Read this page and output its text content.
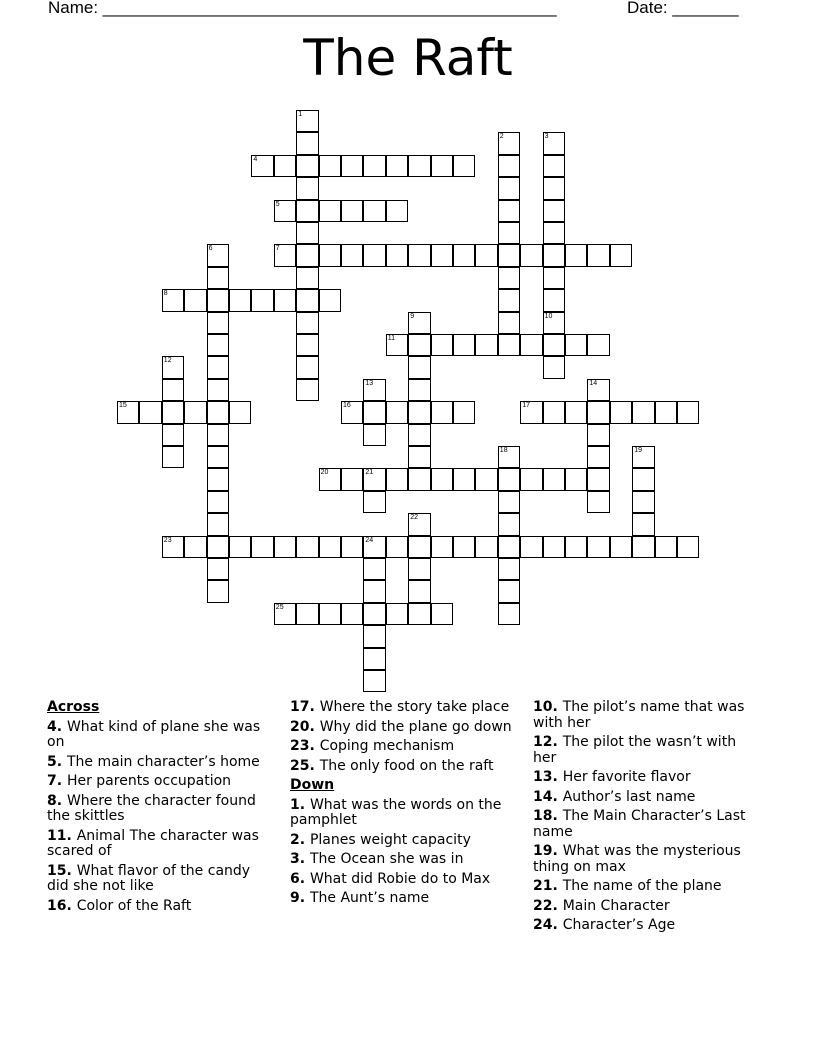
Name: ________________________________________________	Date: _______
The Raft
1
2	3
10
4
5
6	7
8
9
11
12
13	14
15	16	17
18	19
20	21
22
23	24
25
Across
4. What kind of plane she was on
5. The main character’s home
7. Her parents occupation
8. Where the character found the skittles
11. Animal The character was scared of
15. What flavor of the candy did she not like
16. Color of the Raft
17. Where the story take place
20. Why did the plane go down
23. Coping mechanism
25. The only food on the raft
Down
1. What was the words on the pamphlet
2. Planes weight capacity
3. The Ocean she was in
6. What did Robie do to Max
9. The Aunt’s name
10. The pilot’s name that was with her
12. The pilot the wasn’t with her
13. Her favorite flavor
14. Author’s last name
18. The Main Character’s Last name
19. What was the mysterious thing on max
21. The name of the plane
22. Main Character
24. Character’s Age
